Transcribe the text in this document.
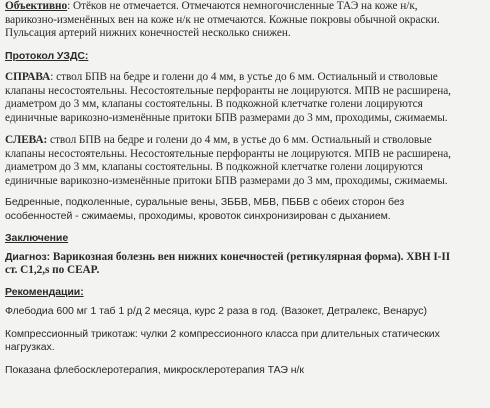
Объективно: Отёков не отмечается. Отмечаются немногочисленные ТАЭ на коже н/к,
варикозно-изменённых вен на коже н/к не отмечаются. Кожные покровы обычной окраски.
Пульсация артерий нижних конечностей несколько снижен.

Протокол УЗДС:

СПРАВА: ствол БПВ на бедре и голени до 4 мм, в устье до 6 мм. Остиальный и стволовые
клапаны несостоятельны. Несостоятельные перфоранты не лоцируются. МПВ не расширена,
диаметром до 3 мм, клапаны состоятельны. В подкожной клетчатке голени лоцируются
единичные варикозно-изменённые притоки БПВ размерами до 3 мм, проходимы, сжимаемы.

СЛЕВА: ствол БПВ на бедре и голени до 4 мм, в устье до 6 мм. Остиальный и стволовые
клапаны несостоятельны. Несостоятельные перфоранты не лоцируются. МПВ не расширена,
диаметром до 3 мм, клапаны состоятельны. В подкожной клетчатке голени лоцируются
единичные варикозно-изменённые притоки БПВ размерами до 3 мм, проходимы, сжимаемы.

Бедренные, подколенные, суральные вены, ЗББВ, МБВ, ПББВ с обеих сторон без
особенностей - сжимаемы, проходимы, кровоток синхронизирован с дыханием.

Заключение

Диагноз: Варикозная болезнь вен нижних конечностей (ретикулярная форма). ХВН I-II
ст. С1,2,s по CEAP.

Рекомендации:

Флебодиа 600 мг 1 таб 1 р/д 2 месяца, курс 2 раза в год. (Вазокет, Детралекс, Венарус)

Компрессионный трикотаж: чулки 2 компрессионного класса при длительных статических
нагрузках.

Показана флебосклеротерапия, микросклеротерапия ТАЭ н/к
